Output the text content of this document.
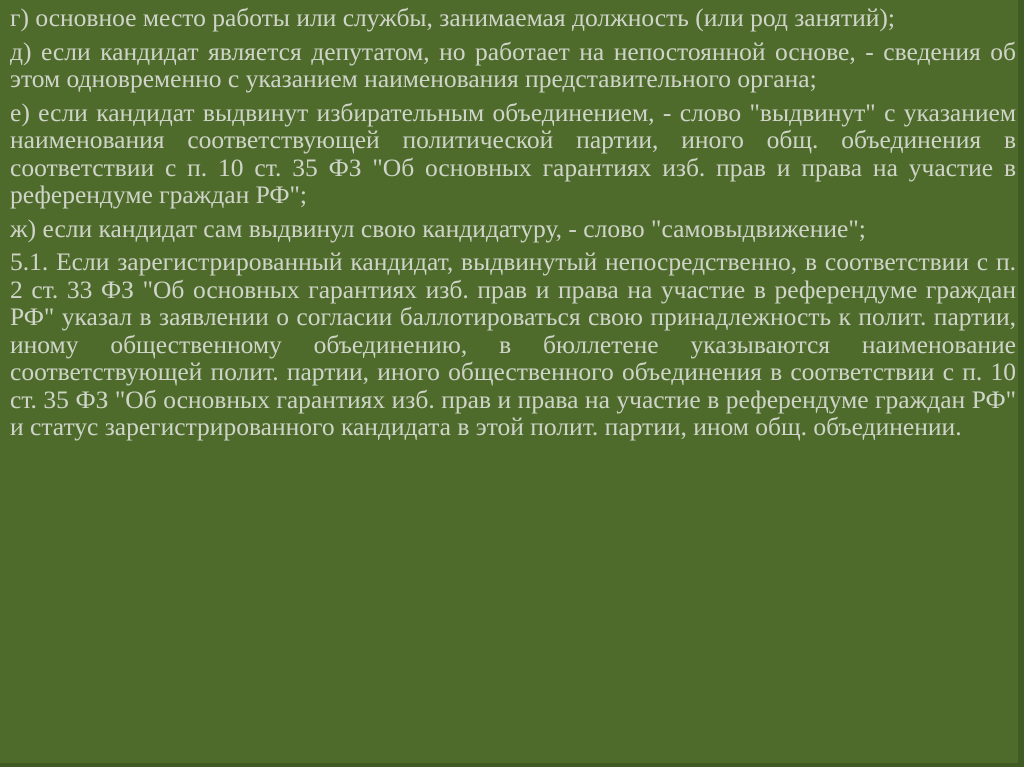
г) основное место работы или службы, занимаемая должность (или род занятий);

д) если кандидат является депутатом, но работает на непостоянной основе, - сведения об этом одновременно с указанием наименования представительного органа;

е) если кандидат выдвинут избирательным объединением, - слово "выдвинут" с указанием наименования соответствующей политической партии, иного общ. объединения в соответствии с п. 10 ст. 35 ФЗ "Об основных гарантиях изб. прав и права на участие в референдуме граждан РФ";

ж) если кандидат сам выдвинул свою кандидатуру, - слово "самовыдвижение";

5.1. Если зарегистрированный кандидат, выдвинутый непосредственно, в соответствии с п. 2 ст. 33 ФЗ "Об основных гарантиях изб. прав и права на участие в референдуме граждан РФ" указал в заявлении о согласии баллотироваться свою принадлежность к полит. партии, иному общественному объединению, в бюллетене указываются наименование соответствующей полит. партии, иного общественного объединения в соответствии с п. 10 ст. 35 ФЗ "Об основных гарантиях изб. прав и права на участие в референдуме граждан РФ" и статус зарегистрированного кандидата в этой полит. партии, ином общ. объединении.
